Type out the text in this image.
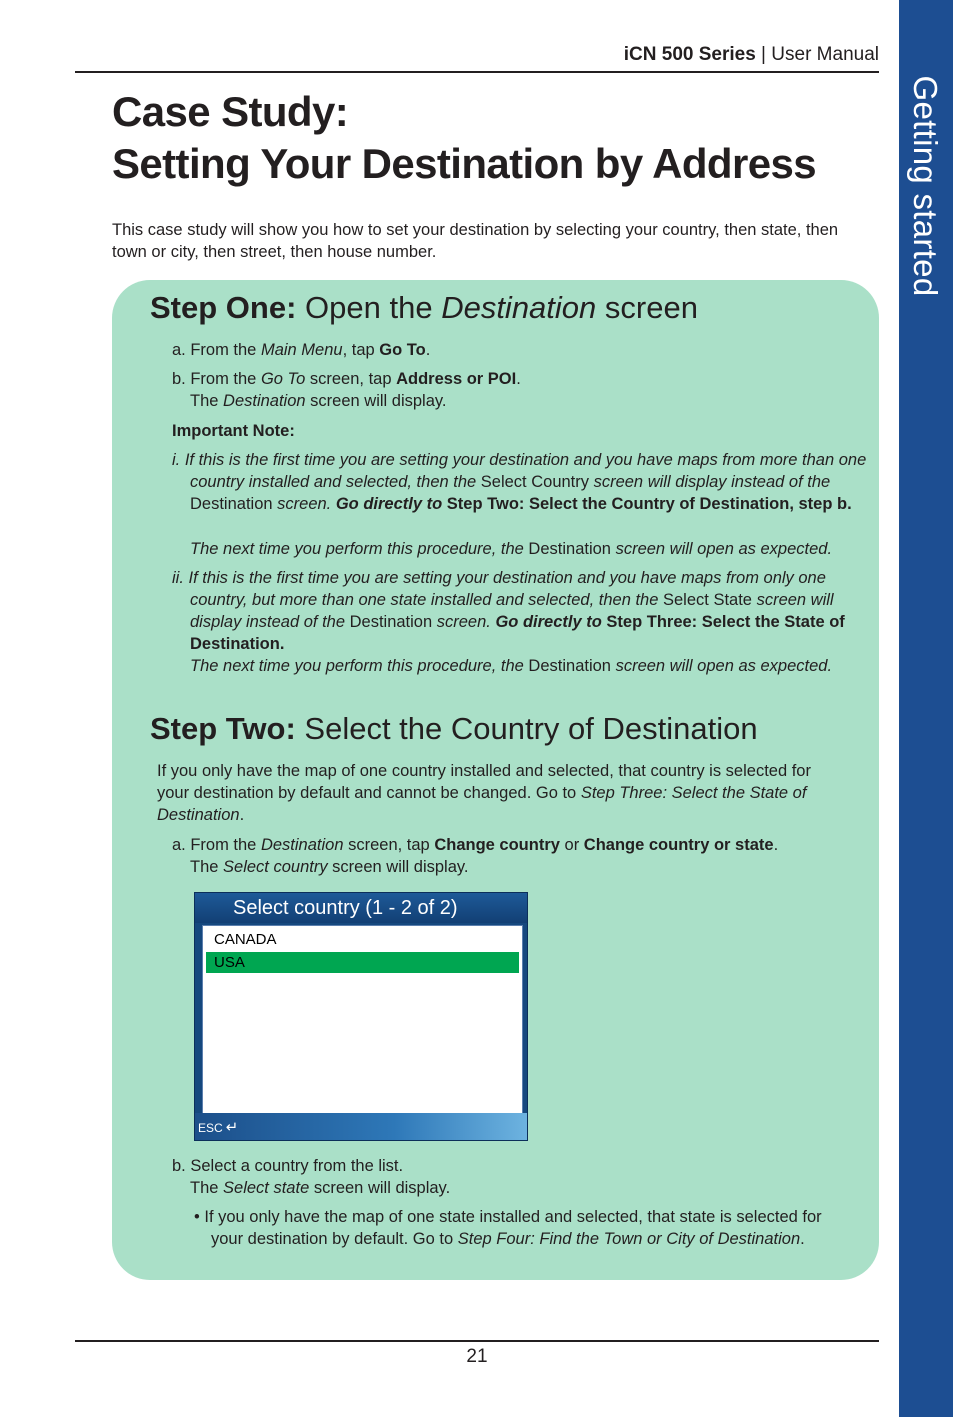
iCN 500 Series | User Manual
Getting started
Case Study:
Setting Your Destination by Address

This case study will show you how to set your destination by selecting your country, then state, then town or city, then street, then house number.

Step One: Open the Destination screen

a. From the Main Menu, tap Go To.

b. From the Go To screen, tap Address or POI.

The Destination screen will display.

Important Note:

i. If this is the first time you are setting your destination and you have maps from more than one country installed and selected, then the Select Country screen will display instead of the Destination screen. Go directly to Step Two: Select the Country of Destination, step b.

The next time you perform this procedure, the Destination screen will open as expected.

ii. If this is the first time you are setting your destination and you have maps from only one country, but more than one state installed and selected, then the Select State screen will display instead of the Destination screen. Go directly to Step Three: Select the State of Destination.

The next time you perform this procedure, the Destination screen will open as expected.

Step Two: Select the Country of Destination

If you only have the map of one country installed and selected, that country is selected for your destination by default and cannot be changed. Go to Step Three: Select the State of Destination.

a. From the Destination screen, tap Change country or Change country or state.

The Select country screen will display.

Select country (1 - 2 of 2)
CANADA
USA
ESC ↵

b. Select a country from the list.

The Select state screen will display.

• If you only have the map of one state installed and selected, that state is selected for your destination by default. Go to Step Four: Find the Town or City of Destination.

21
